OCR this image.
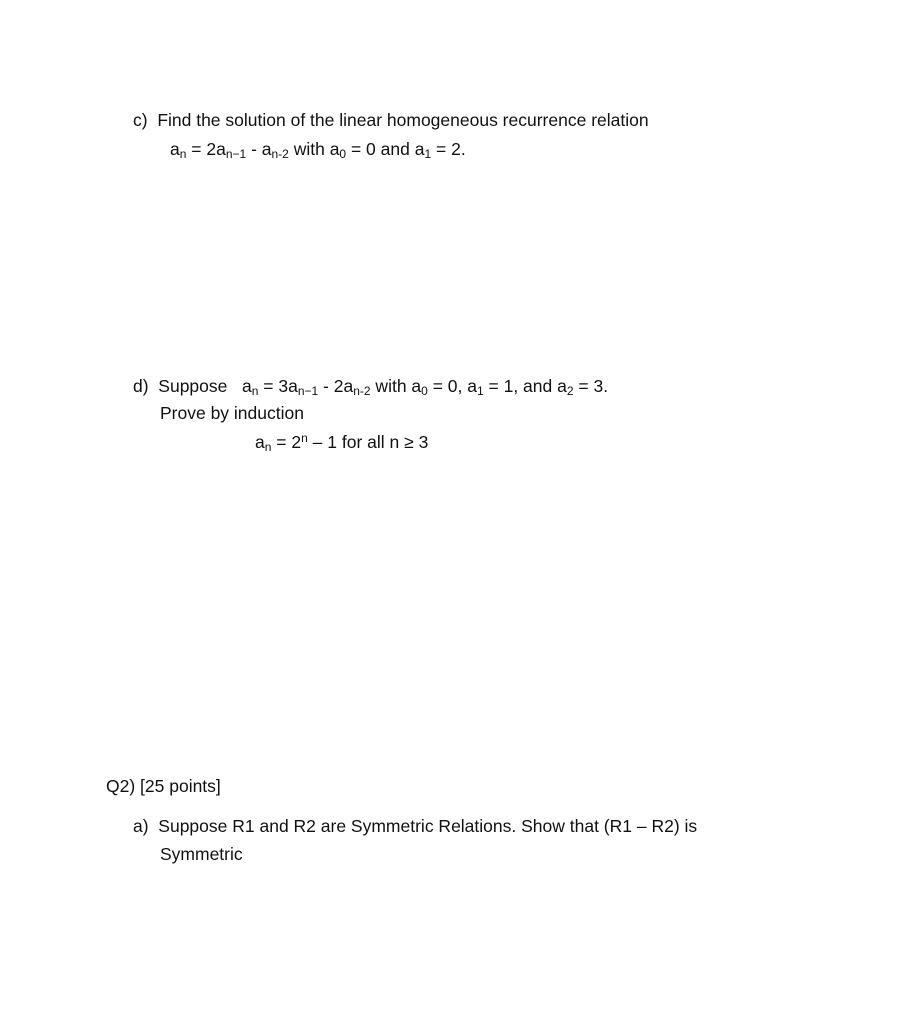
c) Find the solution of the linear homogeneous recurrence relation
$a_n = 2a_{n-1} - a_{n-2}$ with $a_0 = 0$ and $a_1 = 2$.
d) Suppose $a_n = 3a_{n-1} - 2a_{n-2}$ with $a_0 = 0$, $a_1 = 1$, and $a_2 = 3$.
Prove by induction
$a_n = 2^n - 1$ for all n ≥ 3
Q2) [25 points]
a) Suppose R1 and R2 are Symmetric Relations. Show that (R1 – R2) is
Symmetric
